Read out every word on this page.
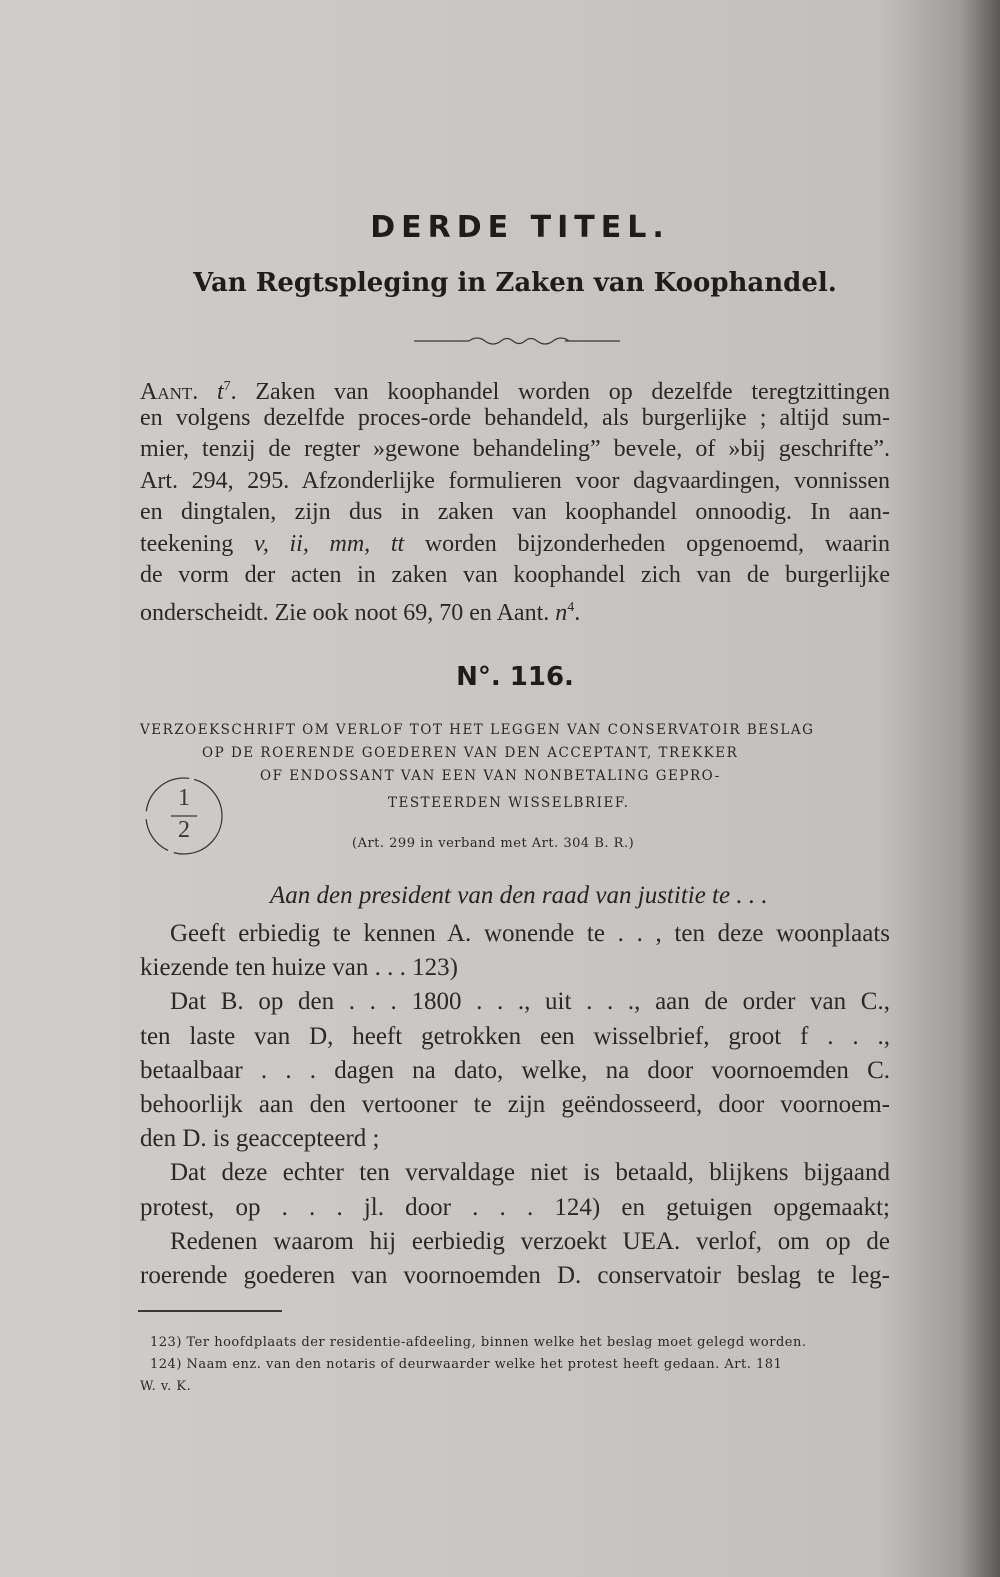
DERDE TITEL.
Van Regtspleging in Zaken van Koophandel.
Aant. $t^7$. Zaken van koophandel worden op dezelfde teregtzittingen
en volgens dezelfde proces-orde behandeld, als burgerlijke ; altijd sum-
mier, tenzij de regter »gewone behandeling” bevele, of »bij geschrifte”.
Art. 294, 295. Afzonderlijke formulieren voor dagvaardingen, vonnissen
en dingtalen, zijn dus in zaken van koophandel onnoodig. In aan-
teekening v, ii, mm, tt worden bijzonderheden opgenoemd, waarin
de vorm der acten in zaken van koophandel zich van de burgerlijke
onderscheidt. Zie ook noot 69, 70 en Aant. $n^4$.
N°. 116.
VERZOEKSCHRIFT OM VERLOF TOT HET LEGGEN VAN CONSERVATOIR BESLAG
OP DE ROERENDE GOEDEREN VAN DEN ACCEPTANT, TREKKER
OF ENDOSSANT VAN EEN VAN NONBETALING GEPRO-
TESTEERDEN WISSELBRIEF.
1
2
(Art. 299 in verband met Art. 304 B. R.)
Aan den president van den raad van justitie te . . .
Geeft erbiedig te kennen A. wonende te . . , ten deze woonplaats
kiezende ten huize van . . . 123)
Dat B. op den . . . 1800 . . ., uit . . ., aan de order van C.,
ten laste van D, heeft getrokken een wisselbrief, groot f . . .,
betaalbaar . . . dagen na dato, welke, na door voornoemden C.
behoorlijk aan den vertooner te zijn geëndosseerd, door voornoem-
den D. is geaccepteerd ;
Dat deze echter ten vervaldage niet is betaald, blijkens bijgaand
protest, op . . . jl. door . . . 124) en getuigen opgemaakt;
Redenen waarom hij eerbiedig verzoekt UEA. verlof, om op de
roerende goederen van voornoemden D. conservatoir beslag te leg-
123) Ter hoofdplaats der residentie-afdeeling, binnen welke het beslag moet gelegd worden.
124) Naam enz. van den notaris of deurwaarder welke het protest heeft gedaan. Art. 181
W. v. K.
